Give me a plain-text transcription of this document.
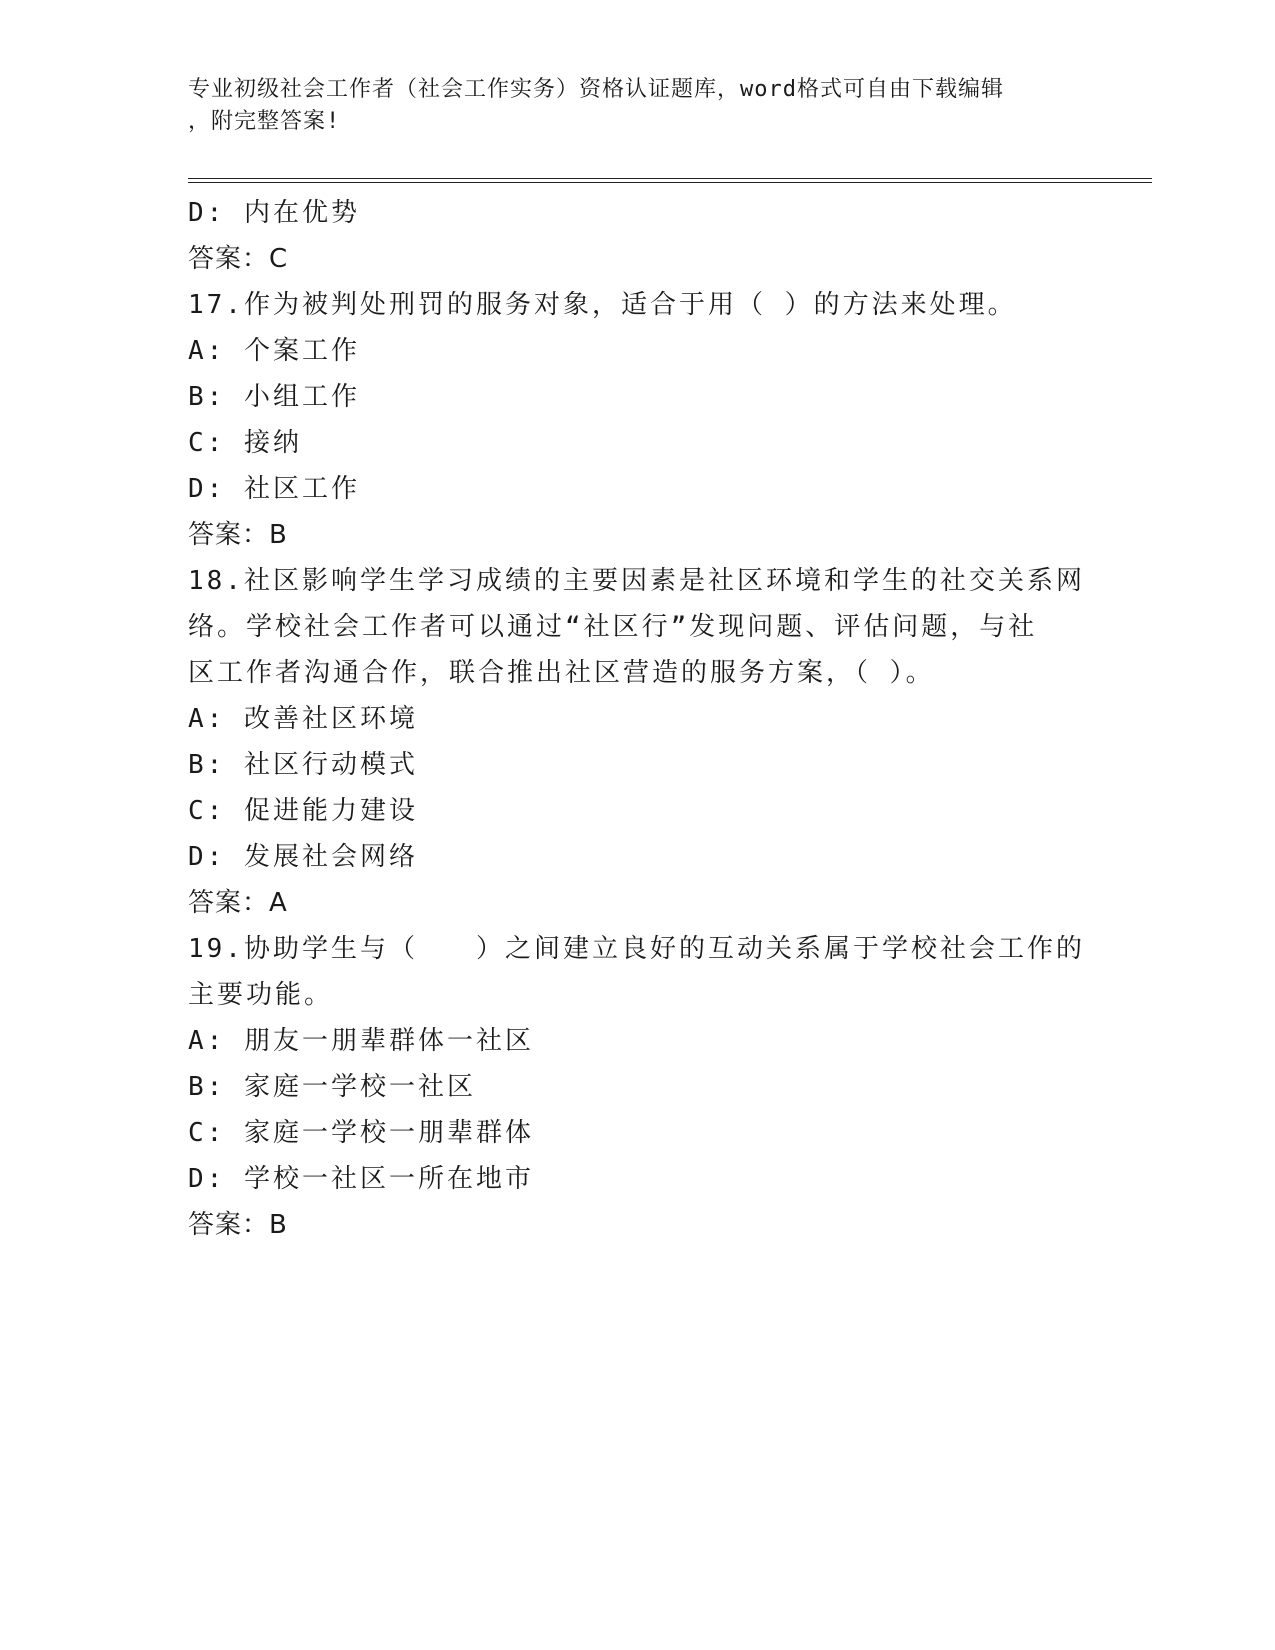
专业初级社会工作者（社会工作实务）资格认证题库，word格式可自由下载编辑
，附完整答案!
D: 内在优势
答案：C
17.作为被判处刑罚的服务对象，适合于用（ ）的方法来处理。
A: 个案工作
B: 小组工作
C: 接纳
D: 社区工作
答案：B
18.社区影响学生学习成绩的主要因素是社区环境和学生的社交关系网
络。学校社会工作者可以通过“社区行”发现问题、评估问题，与社
区工作者沟通合作，联合推出社区营造的服务方案，（ ）。
A: 改善社区环境
B: 社区行动模式
C: 促进能力建设
D: 发展社会网络
答案：A
19.协助学生与（　　）之间建立良好的互动关系属于学校社会工作的
主要功能。
A: 朋友一朋辈群体一社区
B: 家庭一学校一社区
C: 家庭一学校一朋辈群体
D: 学校一社区一所在地市
答案：B
